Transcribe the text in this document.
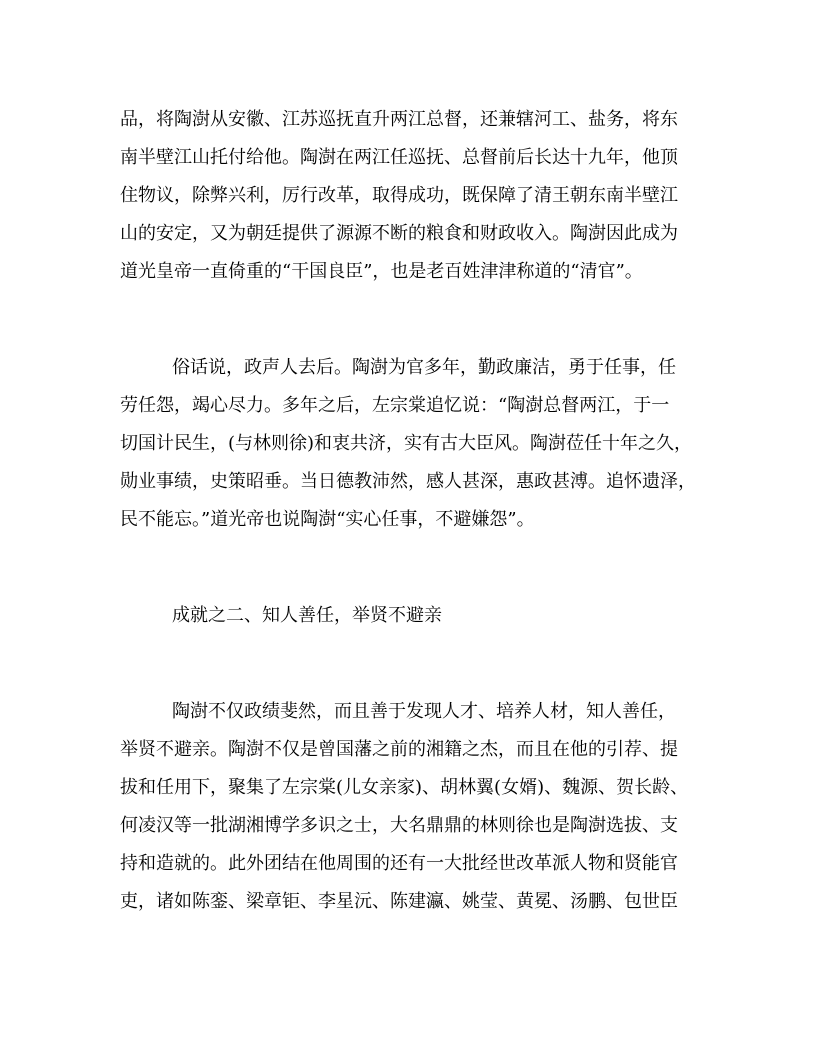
品，将陶澍从安徽、江苏巡抚直升两江总督，还兼辖河工、盐务，将东
南半壁江山托付给他。陶澍在两江任巡抚、总督前后长达十九年，他顶
住物议，除弊兴利，厉行改革，取得成功，既保障了清王朝东南半壁江
山的安定，又为朝廷提供了源源不断的粮食和财政收入。陶澍因此成为
道光皇帝一直倚重的“干国良臣”，也是老百姓津津称道的“清官”。
俗话说，政声人去后。陶澍为官多年，勤政廉洁，勇于任事，任
劳任怨，竭心尽力。多年之后，左宗棠追忆说：“陶澍总督两江，于一
切国计民生，(与林则徐)和衷共济，实有古大臣风。陶澍莅任十年之久，
勋业事绩，史策昭垂。当日德教沛然，感人甚深，惠政甚溥。追怀遗泽，
民不能忘。”道光帝也说陶澍“实心任事，不避嫌怨”。
成就之二、知人善任，举贤不避亲
陶澍不仅政绩斐然，而且善于发现人才、培养人材，知人善任，
举贤不避亲。陶澍不仅是曾国藩之前的湘籍之杰，而且在他的引荐、提
拔和任用下，聚集了左宗棠(儿女亲家)、胡林翼(女婿)、魏源、贺长龄、
何凌汉等一批湖湘博学多识之士，大名鼎鼎的林则徐也是陶澍选拔、支
持和造就的。此外团结在他周围的还有一大批经世改革派人物和贤能官
吏，诸如陈銮、梁章钜、李星沅、陈建瀛、姚莹、黄冕、汤鹏、包世臣
